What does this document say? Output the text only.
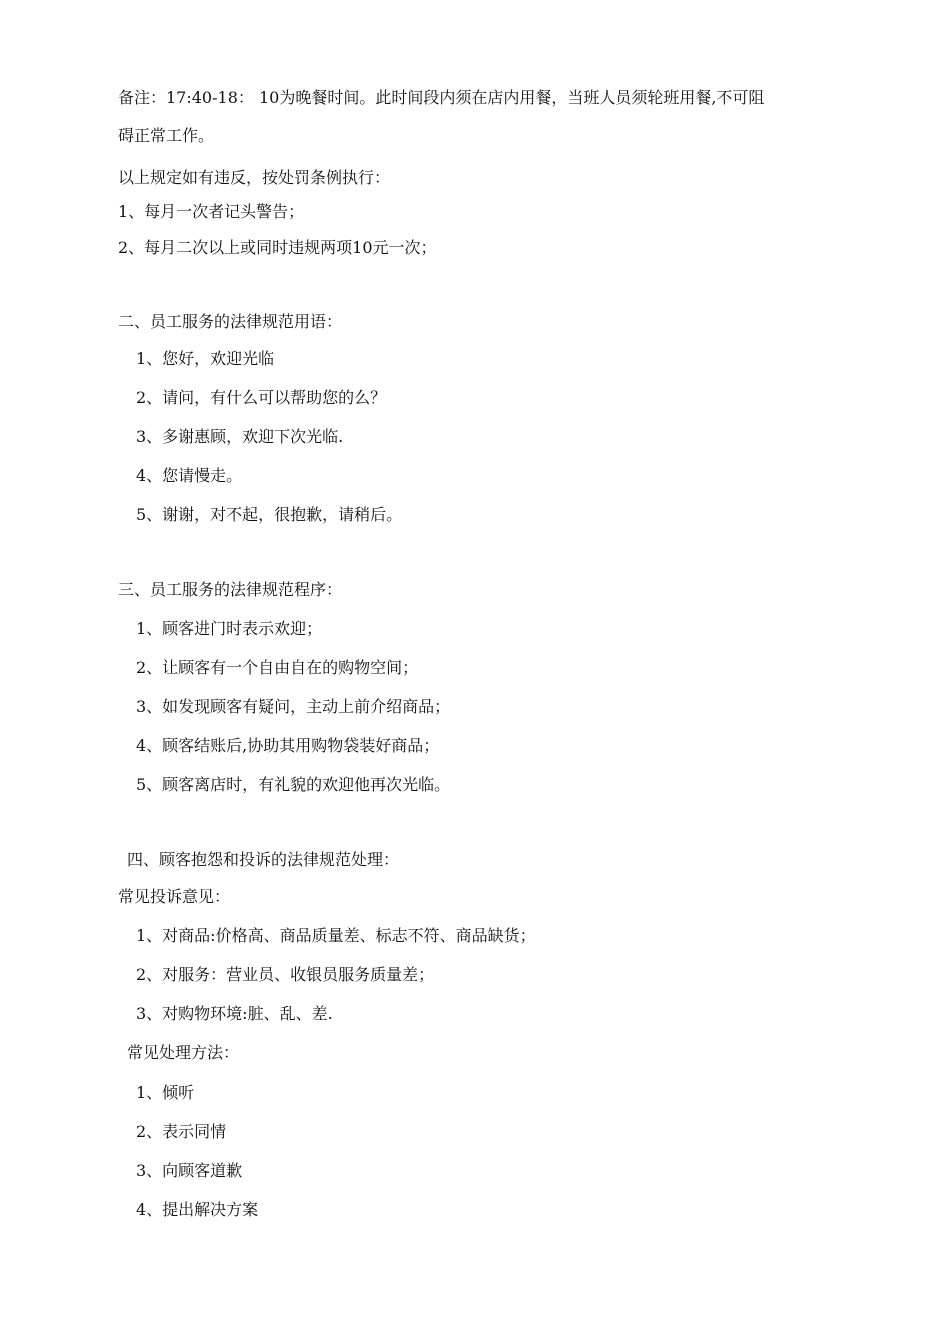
备注：17:40-18： 10为晚餐时间。此时间段内须在店内用餐，当班人员须轮班用餐,不可阻
碍正常工作。
以上规定如有违反，按处罚条例执行：
1、每月一次者记头警告；
2、每月二次以上或同时违规两项10元一次；
二、员工服务的法律规范用语：
1、您好，欢迎光临
2、请问，有什么可以帮助您的么？
3、多谢惠顾，欢迎下次光临.
4、您请慢走。
5、谢谢，对不起，很抱歉，请稍后。
三、员工服务的法律规范程序：
1、顾客进门时表示欢迎；
2、让顾客有一个自由自在的购物空间；
3、如发现顾客有疑问，主动上前介绍商品；
4、顾客结账后,协助其用购物袋装好商品；
5、顾客离店时，有礼貌的欢迎他再次光临。
四、顾客抱怨和投诉的法律规范处理：
常见投诉意见：
1、对商品:价格高、商品质量差、标志不符、商品缺货；
2、对服务：营业员、收银员服务质量差；
3、对购物环境:脏、乱、差.
常见处理方法：
1、倾听
2、表示同情
3、向顾客道歉
4、提出解决方案
